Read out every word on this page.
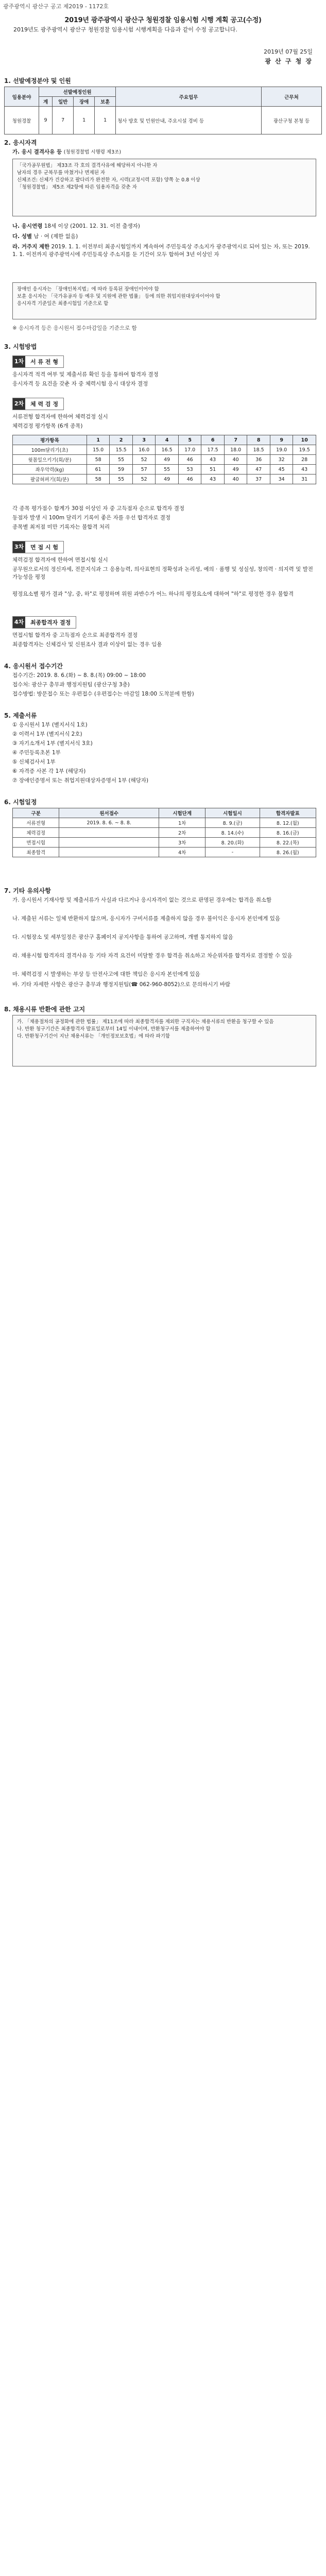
광주광역시 광산구 공고 제2019 - 1172호
2019년 광주광역시 광산구 청원경찰 임용시험 시행 계획 공고(수정)
2019년도 광주광역시 광산구 청원경찰 임용시험 시행계획을 다음과 같이 수정 공고합니다.
2019년 07월 25일
광 산 구 청 장
1. 선발예정분야 및 인원
임용분야	선발예정인원				주요업무	근무처
	계	일반	장애	보훈		
청원경찰	9	7	1	1	청사 방호 및 민원안내, 주요시설 경비 등	광산구청 본청 등
2. 응시자격
가. 응시 결격사유 등 (청원경찰법 시행령 제3조)
「국가공무원법」 제33조 각 호의 결격사유에 해당하지 아니한 자
남자의 경우 군복무를 마쳤거나 면제된 자
신체조건: 신체가 건강하고 팔다리가 완전한 자, 시력(교정시력 포함) 양쪽 눈 0.8 이상
「청원경찰법」 제5조 제2항에 따른 임용자격을 갖춘 자
나. 응시연령 18세 이상 (2001. 12. 31. 이전 출생자)
다. 성별 남 · 여 (제한 없음)
라. 거주지 제한 2019. 1. 1. 이전부터 최종시험일까지 계속하여 주민등록상 주소지가 광주광역시로 되어 있는 자, 또는 2019. 1. 1. 이전까지 광주광역시에 주민등록상 주소지를 둔 기간이 모두 합하여 3년 이상인 자
장애인 응시자는 「장애인복지법」에 따라 등록된 장애인이어야 함
보훈 응시자는 「국가유공자 등 예우 및 지원에 관한 법률」 등에 의한 취업지원대상자이어야 함
응시자격 기준일은 최종시험일 기준으로 함
※ 응시자격 등은 응시원서 접수마감일을 기준으로 함
3. 시험방법
1차	서 류 전 형
응시자격 적격 여부 및 제출서류 확인 등을 통하여 합격자 결정
응시자격 등 요건을 갖춘 자 중 체력시험 응시 대상자 결정
2차	체 력 검 정
서류전형 합격자에 한하여 체력검정 실시
체력검정 평가항목 (6개 종목)
평가항목	1	2	3	4	5	6	7	8	9	10
100m달리기(초)	15.0	15.5	16.0	16.5	17.0	17.5	18.0	18.5	19.0	19.5
윗몸일으키기(회/분)	58	55	52	49	46	43	40	36	32	28
좌우악력(kg)	61	59	57	55	53	51	49	47	45	43
팔굽혀펴기(회/분)	58	55	52	49	46	43	40	37	34	31
각 종목 평가점수 합계가 30점 이상인 자 중 고득점자 순으로 합격자 결정
동점자 발생 시 100m 달리기 기록이 좋은 자를 우선 합격자로 결정
종목별 최저점 미만 기록자는 불합격 처리
3차	면 접 시 험
체력검정 합격자에 한하여 면접시험 실시
공무원으로서의 정신자세, 전문지식과 그 응용능력, 의사표현의 정확성과 논리성, 예의 · 품행 및 성실성, 창의력 · 의지력 및 발전가능성을 평정
평정요소별 평가 결과 "상, 중, 하"로 평정하며 위원 과반수가 어느 하나의 평정요소에 대하여 "하"로 평정한 경우 불합격
4차	최종합격자 결정
면접시험 합격자 중 고득점자 순으로 최종합격자 결정
최종합격자는 신체검사 및 신원조사 결과 이상이 없는 경우 임용
4. 응시원서 접수기간
접수기간: 2019. 8. 6.(화) ~ 8. 8.(목) 09:00 ~ 18:00
접수처: 광산구 총무과 행정지원팀 (광산구청 3층)
접수방법: 방문접수 또는 우편접수 (우편접수는 마감일 18:00 도착분에 한함)
5. 제출서류
① 응시원서 1부 (별지서식 1호)
② 이력서 1부 (별지서식 2호)
③ 자기소개서 1부 (별지서식 3호)
④ 주민등록초본 1부
⑤ 신체검사서 1부
⑥ 자격증 사본 각 1부 (해당자)
⑦ 장애인증명서 또는 취업지원대상자증명서 1부 (해당자)
6. 시험일정
구분	원서접수	시험단계	시험일시	합격자발표
서류전형	2019. 8. 6. ~ 8. 8.	1차	8. 9.(금)	8. 12.(월)
체력검정		2차	8. 14.(수)	8. 16.(금)
면접시험		3차	8. 20.(화)	8. 22.(목)
최종합격		4차	-	8. 26.(월)
7. 기타 유의사항
가. 응시원서 기재사항 및 제출서류가 사실과 다르거나 응시자격이 없는 것으로 판명된 경우에는 합격을 취소함
나. 제출된 서류는 일체 반환하지 않으며, 응시자가 구비서류를 제출하지 않을 경우 불이익은 응시자 본인에게 있음
다. 시험장소 및 세부일정은 광산구 홈페이지 공지사항을 통하여 공고하며, 개별 통지하지 않음
라. 채용시험 합격자의 결격사유 등 기타 자격 요건이 미달할 경우 합격을 취소하고 차순위자를 합격자로 결정할 수 있음
마. 체력검정 시 발생하는 부상 등 안전사고에 대한 책임은 응시자 본인에게 있음
바. 기타 자세한 사항은 광산구 총무과 행정지원팀(☎ 062-960-8052)으로 문의하시기 바람
8. 채용시류 반환에 관한 고지
가. 「채용절차의 공정화에 관한 법률」 제11조에 따라 최종합격자를 제외한 구직자는 채용서류의 반환을 청구할 수 있음
나. 반환 청구기간은 최종합격자 발표일로부터 14일 이내이며, 반환청구서를 제출하여야 함
다. 반환청구기간이 지난 채용서류는 「개인정보보호법」에 따라 파기함
